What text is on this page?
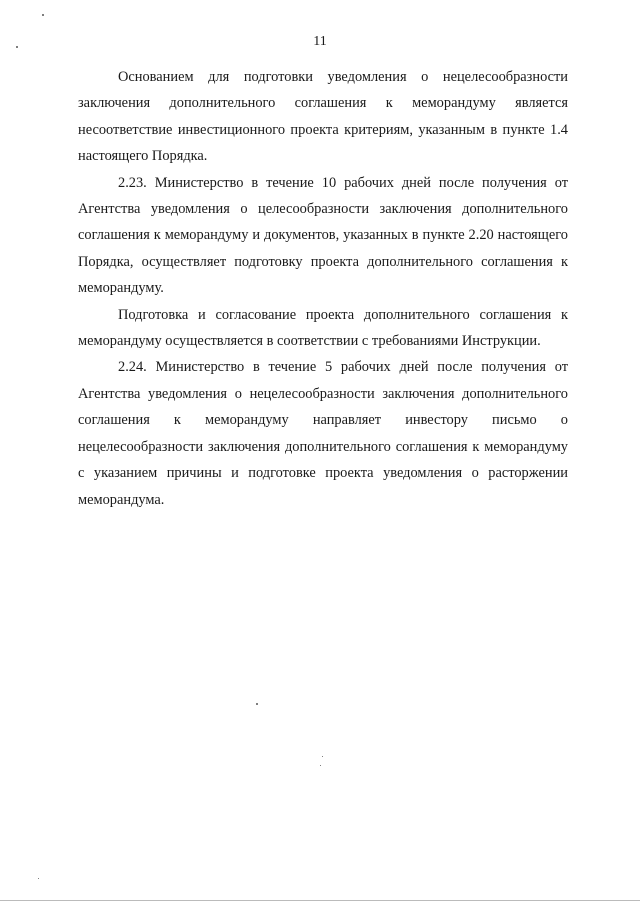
11

Основанием для подготовки уведомления о нецелесообразности заключения дополнительного соглашения к меморандуму является несоответствие инвестиционного проекта критериям, указанным в пункте 1.4 настоящего Порядка.

2.23. Министерство в течение 10 рабочих дней после получения от Агентства уведомления о целесообразности заключения дополнительного соглашения к меморандуму и документов, указанных в пункте 2.20 настоящего Порядка, осуществляет подготовку проекта дополнительного соглашения к меморандуму.

Подготовка и согласование проекта дополнительного соглашения к меморандуму осуществляется в соответствии с требованиями Инструкции.

2.24. Министерство в течение 5 рабочих дней после получения от Агентства уведомления о нецелесообразности заключения дополнительного соглашения к меморандуму направляет инвестору письмо о нецелесообразности заключения дополнительного соглашения к меморандуму с указанием причины и подготовке проекта уведомления о расторжении меморандума.
